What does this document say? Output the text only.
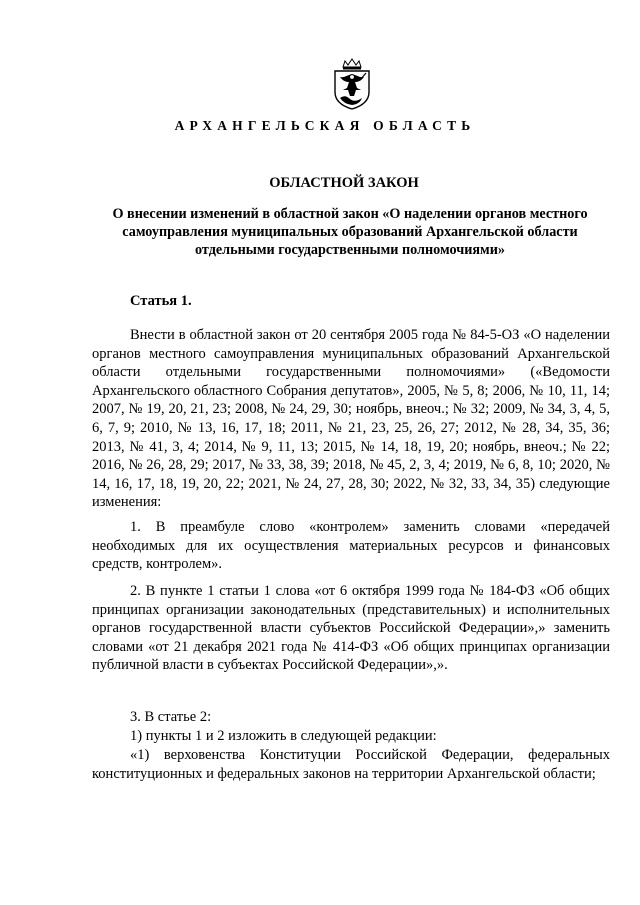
АРХАНГЕЛЬСКАЯ ОБЛАСТЬ
ОБЛАСТНОЙ ЗАКОН
О внесении изменений в областной закон «О наделении органов местного самоуправления муниципальных образований Архангельской области отдельными государственными полномочиями»
Статья 1.

Внести в областной закон от 20 сентября 2005 года № 84-5-ОЗ «О наделении органов местного самоуправления муниципальных образований Архангельской области отдельными государственными полномочиями» («Ведомости Архангельского областного Собрания депутатов», 2005, № 5, 8; 2006, № 10, 11, 14; 2007, № 19, 20, 21, 23; 2008, № 24, 29, 30; ноябрь, внеоч.; № 32; 2009, № 34, 3, 4, 5, 6, 7, 9; 2010, № 13, 16, 17, 18; 2011, № 21, 23, 25, 26, 27; 2012, № 28, 34, 35, 36; 2013, № 41, 3, 4; 2014, № 9, 11, 13; 2015, № 14, 18, 19, 20; ноябрь, внеоч.; № 22; 2016, № 26, 28, 29; 2017, № 33, 38, 39; 2018, № 45, 2, 3, 4; 2019, № 6, 8, 10; 2020, № 14, 16, 17, 18, 19, 20, 22; 2021, № 24, 27, 28, 30; 2022, № 32, 33, 34, 35) следующие изменения:

1. В преамбуле слово «контролем» заменить словами «передачей необходимых для их осуществления материальных ресурсов и финансовых средств, контролем».

2. В пункте 1 статьи 1 слова «от 6 октября 1999 года № 184-ФЗ «Об общих принципах организации законодательных (представительных) и исполнительных органов государственной власти субъектов Российской Федерации»,» заменить словами «от 21 декабря 2021 года № 414-ФЗ «Об общих принципах организации публичной власти в субъектах Российской Федерации»,».

3. В статье 2:

1) пункты 1 и 2 изложить в следующей редакции:

«1) верховенства Конституции Российской Федерации, федеральных конституционных и федеральных законов на территории Архангельской области;
